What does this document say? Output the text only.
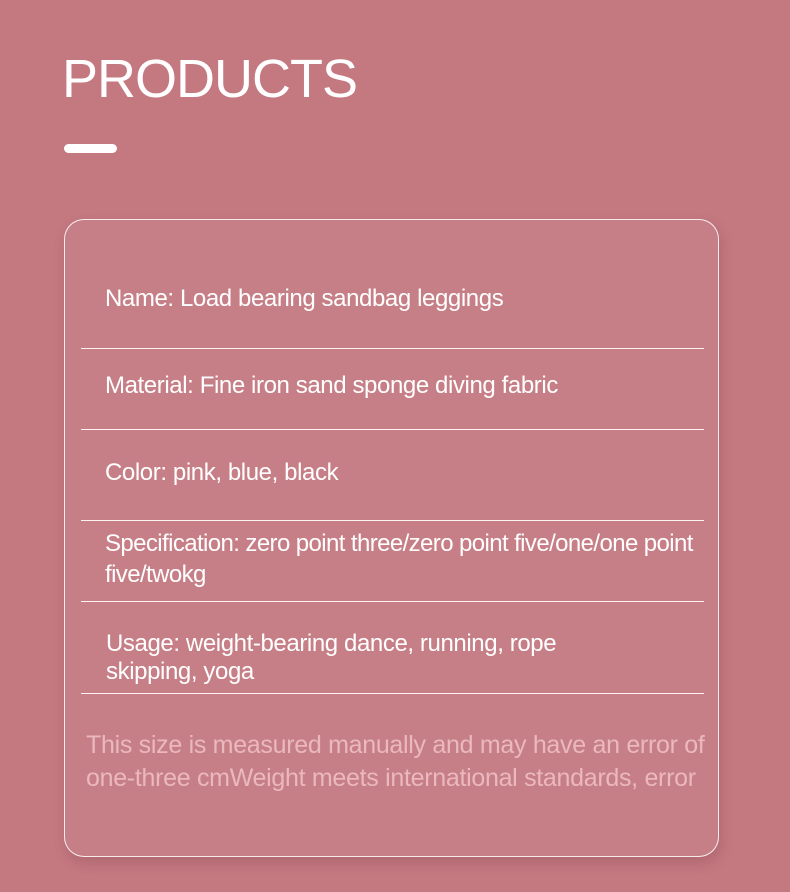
PRODUCTS
Name: Load bearing sandbag leggings
Material: Fine iron sand sponge diving fabric
Color: pink, blue, black
Specification: zero point three/zero point five/one/one point five/twokg
Usage: weight-bearing dance, running, rope skipping, yoga
This size is measured manually and may have an error of one-three cmWeight meets international standards, error
